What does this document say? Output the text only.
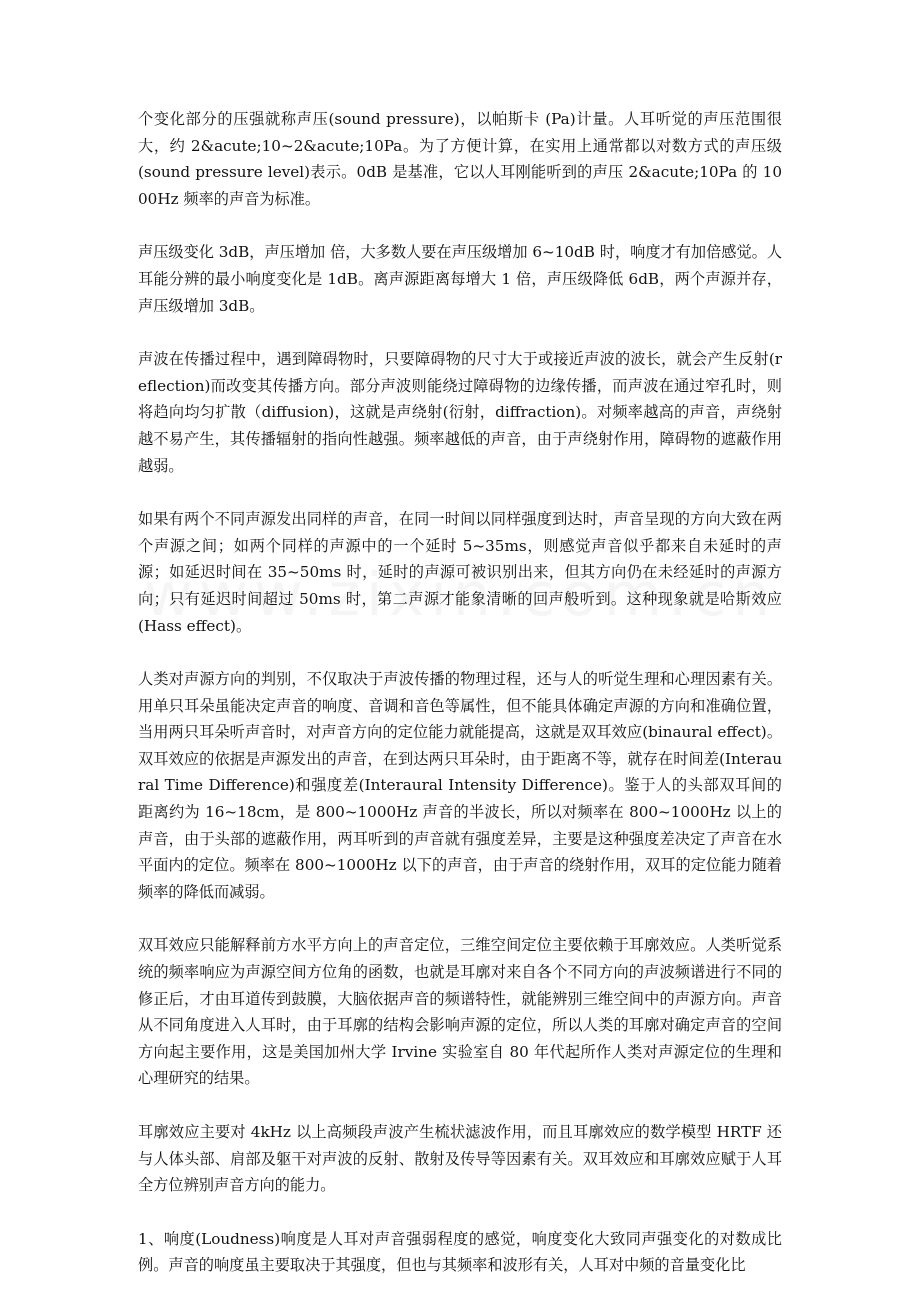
个变化部分的压强就称声压(sound pressure)，以帕斯卡 (Pa)计量。人耳听觉的声压范围很大，约 2&acute;10~2&acute;10Pa。为了方便计算，在实用上通常都以对数方式的声压级 (sound pressure level)表示。0dB 是基准，它以人耳刚能听到的声压 2&acute;10Pa 的 1000Hz 频率的声音为标准。

声压级变化 3dB，声压增加 倍，大多数人要在声压级增加 6~10dB 时，响度才有加倍感觉。人耳能分辨的最小响度变化是 1dB。离声源距离每增大 1 倍，声压级降低 6dB，两个声源并存，声压级增加 3dB。

声波在传播过程中，遇到障碍物时，只要障碍物的尺寸大于或接近声波的波长，就会产生反射(reflection)而改变其传播方向。部分声波则能绕过障碍物的边缘传播，而声波在通过窄孔时，则将趋向均匀扩散（diffusion)，这就是声绕射(衍射，diffraction)。对频率越高的声音，声绕射越不易产生，其传播辐射的指向性越强。频率越低的声音，由于声绕射作用，障碍物的遮蔽作用越弱。

如果有两个不同声源发出同样的声音，在同一时间以同样强度到达时，声音呈现的方向大致在两个声源之间；如两个同样的声源中的一个延时 5~35ms，则感觉声音似乎都来自未延时的声源；如延迟时间在 35~50ms 时，延时的声源可被识别出来，但其方向仍在未经延时的声源方向；只有延迟时间超过 50ms 时，第二声源才能象清晰的回声般听到。这种现象就是哈斯效应(Hass effect)。

人类对声源方向的判别，不仅取决于声波传播的物理过程，还与人的听觉生理和心理因素有关。用单只耳朵虽能决定声音的响度、音调和音色等属性，但不能具体确定声源的方向和准确位置，当用两只耳朵听声音时，对声音方向的定位能力就能提高，这就是双耳效应(binaural effect)。双耳效应的依据是声源发出的声音，在到达两只耳朵时，由于距离不等，就存在时间差(Interaural Time Difference)和强度差(Interaural Intensity Difference)。鉴于人的头部双耳间的距离约为 16~18cm，是 800~1000Hz 声音的半波长，所以对频率在 800~1000Hz 以上的声音，由于头部的遮蔽作用，两耳听到的声音就有强度差异，主要是这种强度差决定了声音在水平面内的定位。频率在 800~1000Hz 以下的声音，由于声音的绕射作用，双耳的定位能力随着频率的降低而减弱。

双耳效应只能解释前方水平方向上的声音定位，三维空间定位主要依赖于耳廓效应。人类听觉系统的频率响应为声源空间方位角的函数，也就是耳廓对来自各个不同方向的声波频谱进行不同的修正后，才由耳道传到鼓膜，大脑依据声音的频谱特性，就能辨别三维空间中的声源方向。声音从不同角度进入人耳时，由于耳廓的结构会影响声源的定位，所以人类的耳廓对确定声音的空间方向起主要作用，这是美国加州大学 Irvine 实验室自 80 年代起所作人类对声源定位的生理和心理研究的结果。

耳廓效应主要对 4kHz 以上高频段声波产生梳状滤波作用，而且耳廓效应的数学模型 HRTF 还与人体头部、肩部及躯干对声波的反射、散射及传导等因素有关。双耳效应和耳廓效应赋于人耳全方位辨别声音方向的能力。

1、响度(Loudness)响度是人耳对声音强弱程度的感觉，响度变化大致同声强变化的对数成比例。声音的响度虽主要取决于其强度，但也与其频率和波形有关，人耳对中频的音量变化比
